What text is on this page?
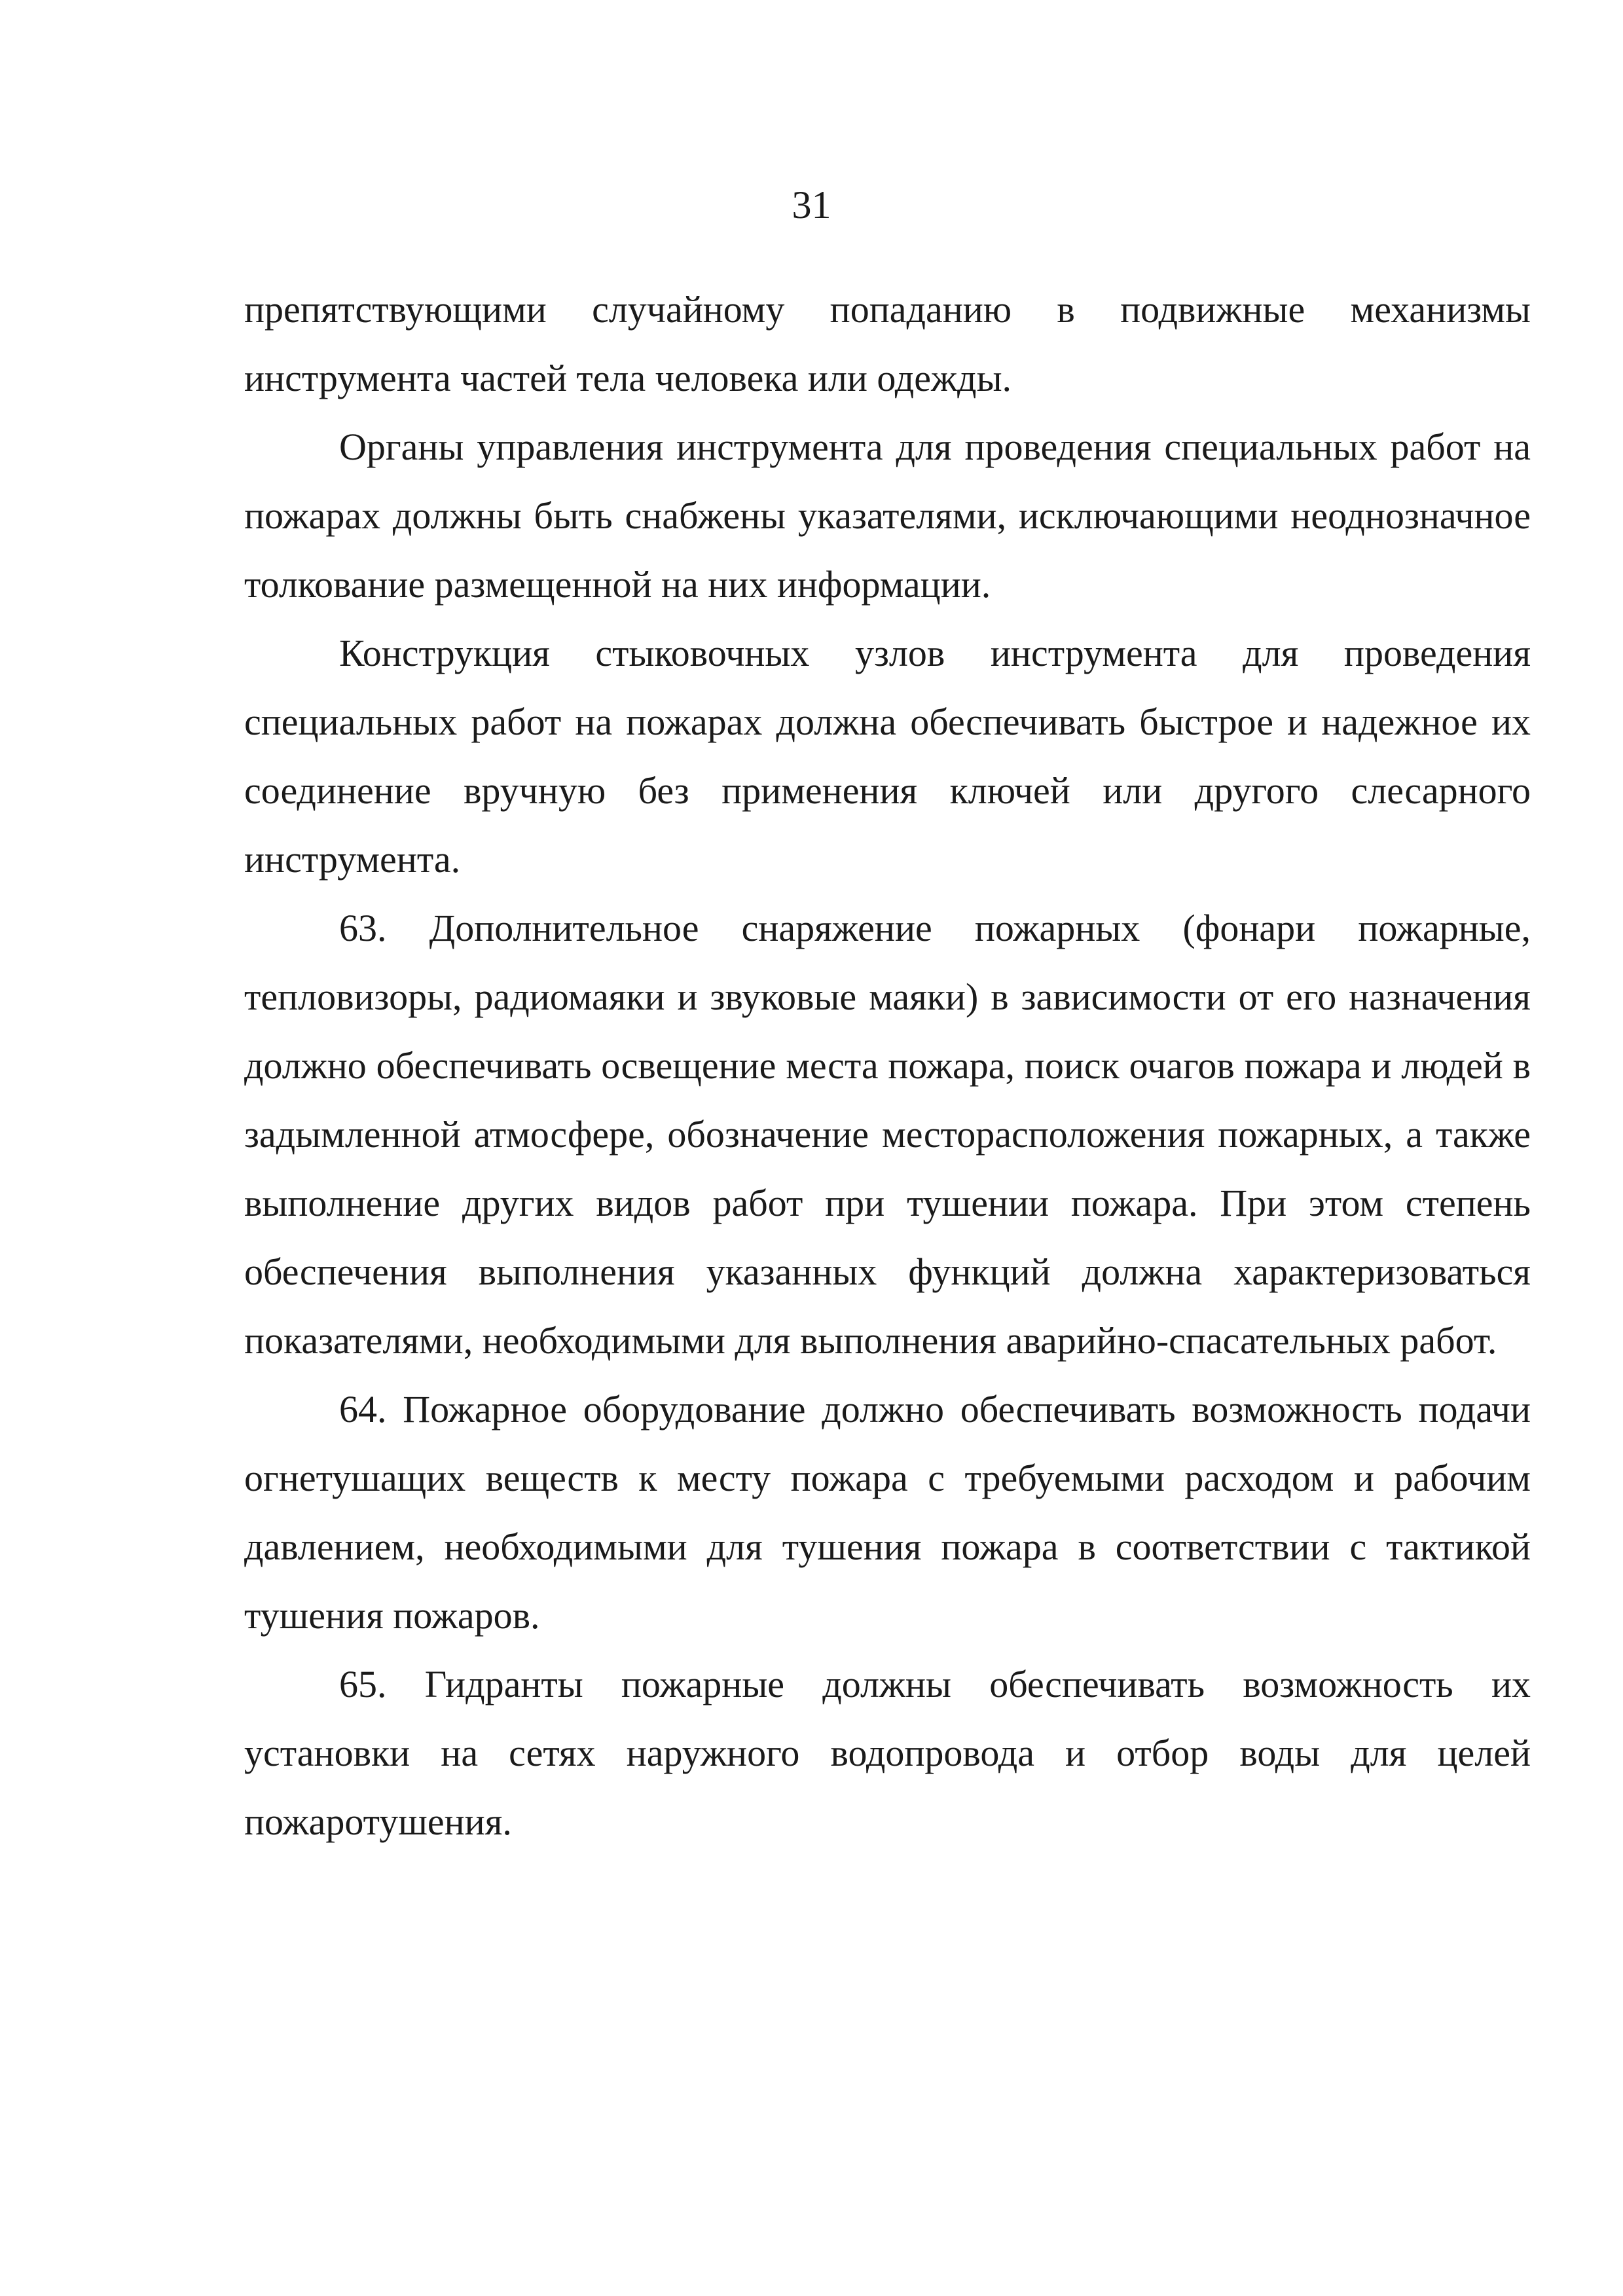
31

препятствующими случайному попаданию в подвижные механизмы инструмента частей тела человека или одежды.

Органы управления инструмента для проведения специальных работ на пожарах должны быть снабжены указателями, исключающими неоднозначное толкование размещенной на них информации.

Конструкция стыковочных узлов инструмента для проведения специальных работ на пожарах должна обеспечивать быстрое и надежное их соединение вручную без применения ключей или другого слесарного инструмента.

63. Дополнительное снаряжение пожарных (фонари пожарные, тепловизоры, радиомаяки и звуковые маяки) в зависимости от его назначения должно обеспечивать освещение места пожара, поиск очагов пожара и людей в задымленной атмосфере, обозначение месторасположения пожарных, а также выполнение других видов работ при тушении пожара. При этом степень обеспечения выполнения указанных функций должна характеризоваться показателями, необходимыми для выполнения аварийно-спасательных работ.

64. Пожарное оборудование должно обеспечивать возможность подачи огнетушащих веществ к месту пожара с требуемыми расходом и рабочим давлением, необходимыми для тушения пожара в соответствии с тактикой тушения пожаров.

65. Гидранты пожарные должны обеспечивать возможность их установки на сетях наружного водопровода и отбор воды для целей пожаротушения.
